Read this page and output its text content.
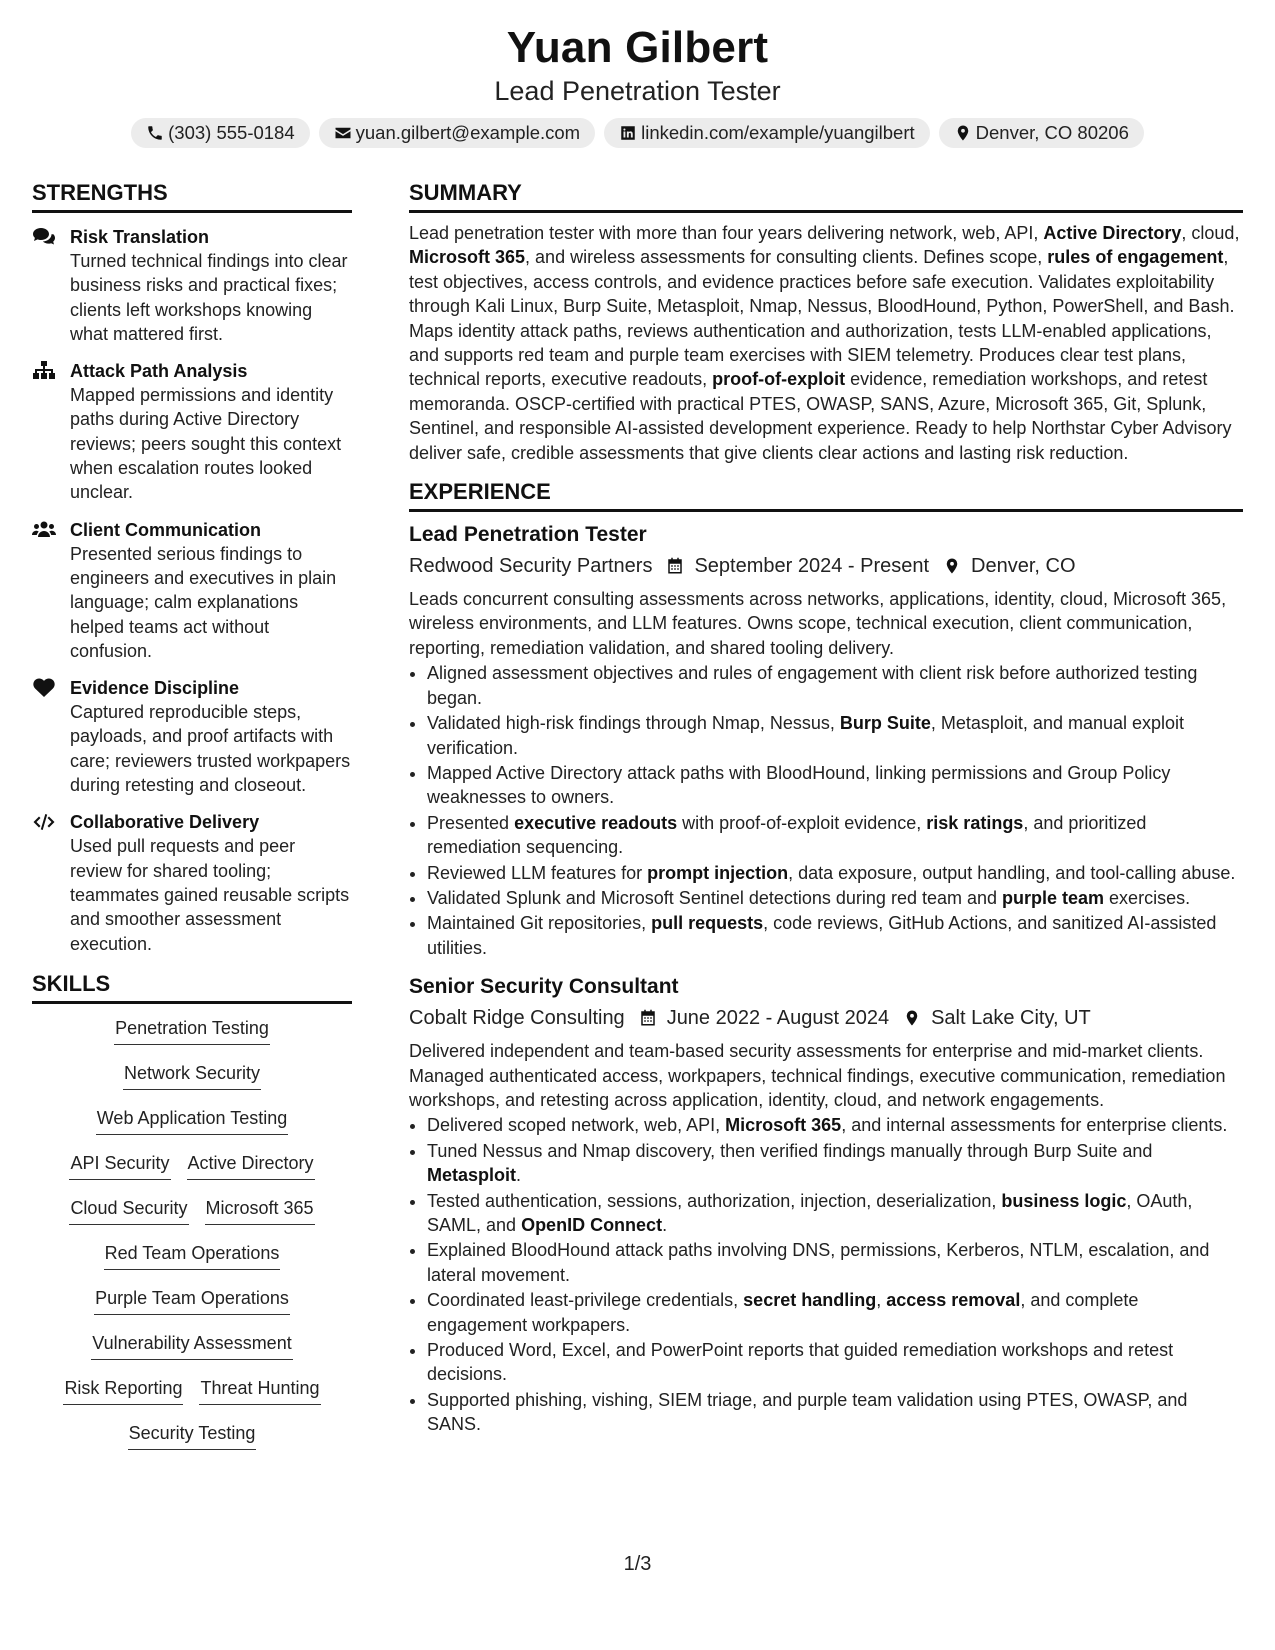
Yuan Gilbert
Lead Penetration Tester
(303) 555-0184	yuan.gilbert@example.com	linkedin.com/example/yuangilbert	Denver, CO 80206
STRENGTHS
Risk Translation
Turned technical findings into clear business risks and practical fixes; clients left workshops knowing what mattered first.
Attack Path Analysis
Mapped permissions and identity paths during Active Directory reviews; peers sought this context when escalation routes looked unclear.
Client Communication
Presented serious findings to engineers and executives in plain language; calm explanations helped teams act without confusion.
Evidence Discipline
Captured reproducible steps, payloads, and proof artifacts with care; reviewers trusted workpapers during retesting and closeout.
Collaborative Delivery
Used pull requests and peer review for shared tooling; teammates gained reusable scripts and smoother assessment execution.
SKILLS
Penetration Testing
Network Security
Web Application Testing
API Security Active Directory
Cloud Security Microsoft 365
Red Team Operations
Purple Team Operations
Vulnerability Assessment
Risk Reporting Threat Hunting
Security Testing
SUMMARY
Lead penetration tester with more than four years delivering network, web, API, Active Directory, cloud, Microsoft 365, and wireless assessments for consulting clients. Defines scope, rules of engagement, test objectives, access controls, and evidence practices before safe execution. Validates exploitability through Kali Linux, Burp Suite, Metasploit, Nmap, Nessus, BloodHound, Python, PowerShell, and Bash. Maps identity attack paths, reviews authentication and authorization, tests LLM-enabled applications, and supports red team and purple team exercises with SIEM telemetry. Produces clear test plans, technical reports, executive readouts, proof-of-exploit evidence, remediation workshops, and retest memoranda. OSCP-certified with practical PTES, OWASP, SANS, Azure, Microsoft 365, Git, Splunk, Sentinel, and responsible AI-assisted development experience. Ready to help Northstar Cyber Advisory deliver safe, credible assessments that give clients clear actions and lasting risk reduction.
EXPERIENCE
Lead Penetration Tester
Redwood Security Partners September 2024 - Present Denver, CO
Leads concurrent consulting assessments across networks, applications, identity, cloud, Microsoft 365, wireless environments, and LLM features. Owns scope, technical execution, client communication, reporting, remediation validation, and shared tooling delivery.
• Aligned assessment objectives and rules of engagement with client risk before authorized testing began.
• Validated high-risk findings through Nmap, Nessus, Burp Suite, Metasploit, and manual exploit verification.
• Mapped Active Directory attack paths with BloodHound, linking permissions and Group Policy weaknesses to owners.
• Presented executive readouts with proof-of-exploit evidence, risk ratings, and prioritized remediation sequencing.
• Reviewed LLM features for prompt injection, data exposure, output handling, and tool-calling abuse.
• Validated Splunk and Microsoft Sentinel detections during red team and purple team exercises.
• Maintained Git repositories, pull requests, code reviews, GitHub Actions, and sanitized AI-assisted utilities.
Senior Security Consultant
Cobalt Ridge Consulting June 2022 - August 2024 Salt Lake City, UT
Delivered independent and team-based security assessments for enterprise and mid-market clients. Managed authenticated access, workpapers, technical findings, executive communication, remediation workshops, and retesting across application, identity, cloud, and network engagements.
• Delivered scoped network, web, API, Microsoft 365, and internal assessments for enterprise clients.
• Tuned Nessus and Nmap discovery, then verified findings manually through Burp Suite and Metasploit.
• Tested authentication, sessions, authorization, injection, deserialization, business logic, OAuth, SAML, and OpenID Connect.
• Explained BloodHound attack paths involving DNS, permissions, Kerberos, NTLM, escalation, and lateral movement.
• Coordinated least-privilege credentials, secret handling, access removal, and complete engagement workpapers.
• Produced Word, Excel, and PowerPoint reports that guided remediation workshops and retest decisions.
• Supported phishing, vishing, SIEM triage, and purple team validation using PTES, OWASP, and SANS.
1/3
